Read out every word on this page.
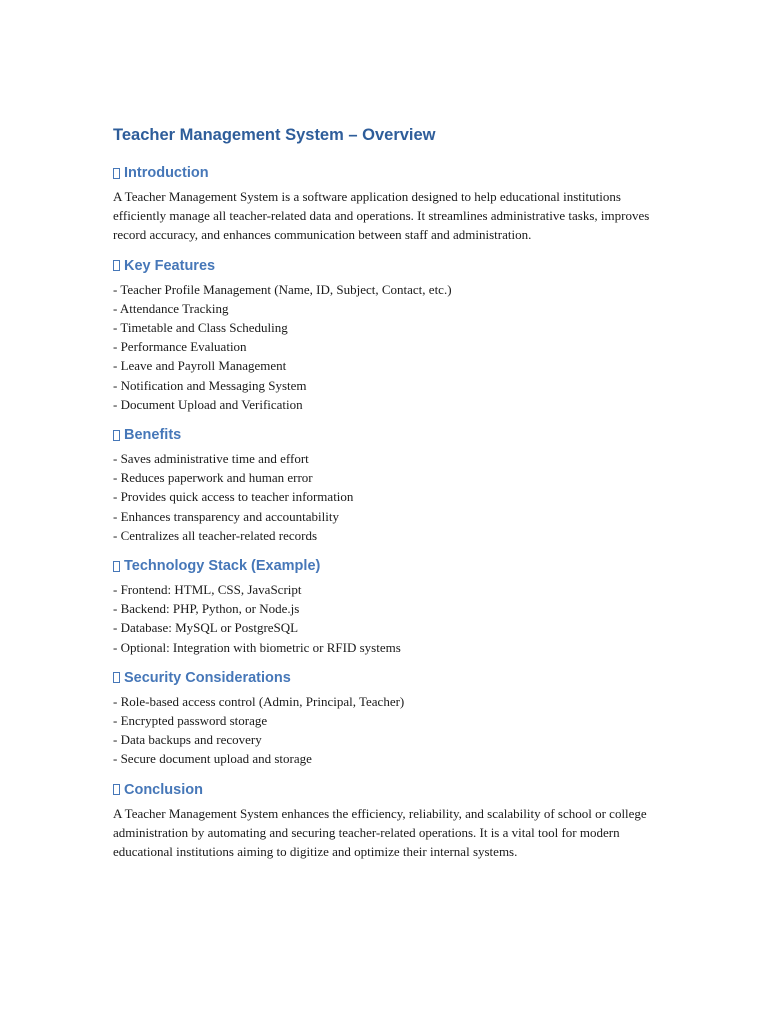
Teacher Management System – Overview
Introduction

A Teacher Management System is a software application designed to help educational institutions efficiently manage all teacher-related data and operations. It streamlines administrative tasks, improves record accuracy, and enhances communication between staff and administration.

Key Features
- Teacher Profile Management (Name, ID, Subject, Contact, etc.)
- Attendance Tracking
- Timetable and Class Scheduling
- Performance Evaluation
- Leave and Payroll Management
- Notification and Messaging System
- Document Upload and Verification
Benefits
- Saves administrative time and effort
- Reduces paperwork and human error
- Provides quick access to teacher information
- Enhances transparency and accountability
- Centralizes all teacher-related records
Technology Stack (Example)
- Frontend: HTML, CSS, JavaScript
- Backend: PHP, Python, or Node.js
- Database: MySQL or PostgreSQL
- Optional: Integration with biometric or RFID systems
Security Considerations
- Role-based access control (Admin, Principal, Teacher)
- Encrypted password storage
- Data backups and recovery
- Secure document upload and storage
Conclusion

A Teacher Management System enhances the efficiency, reliability, and scalability of school or college administration by automating and securing teacher-related operations. It is a vital tool for modern educational institutions aiming to digitize and optimize their internal systems.
